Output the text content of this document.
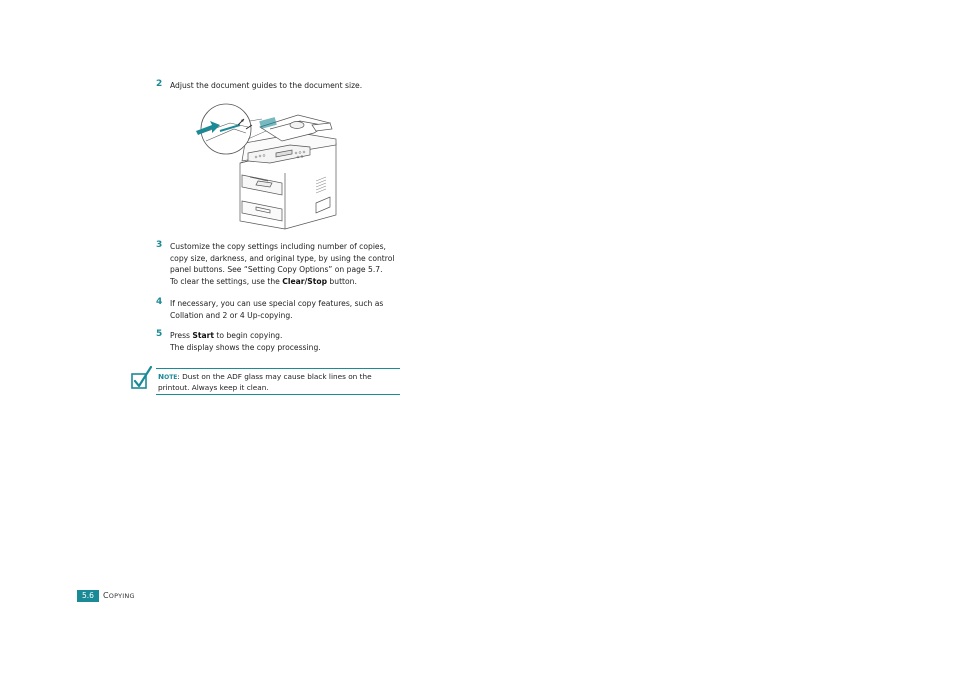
2 Adjust the document guides to the document size.

3 Customize the copy settings including number of copies, copy size, darkness, and original type, by using the control panel buttons. See “Setting Copy Options” on page 5.7.

To clear the settings, use the Clear/Stop button.

4 If necessary, you can use special copy features, such as Collation and 2 or 4 Up-copying.

5 Press Start to begin copying.

The display shows the copy processing.

NOTE: Dust on the ADF glass may cause black lines on the printout. Always keep it clean.
5.6	COPYING
